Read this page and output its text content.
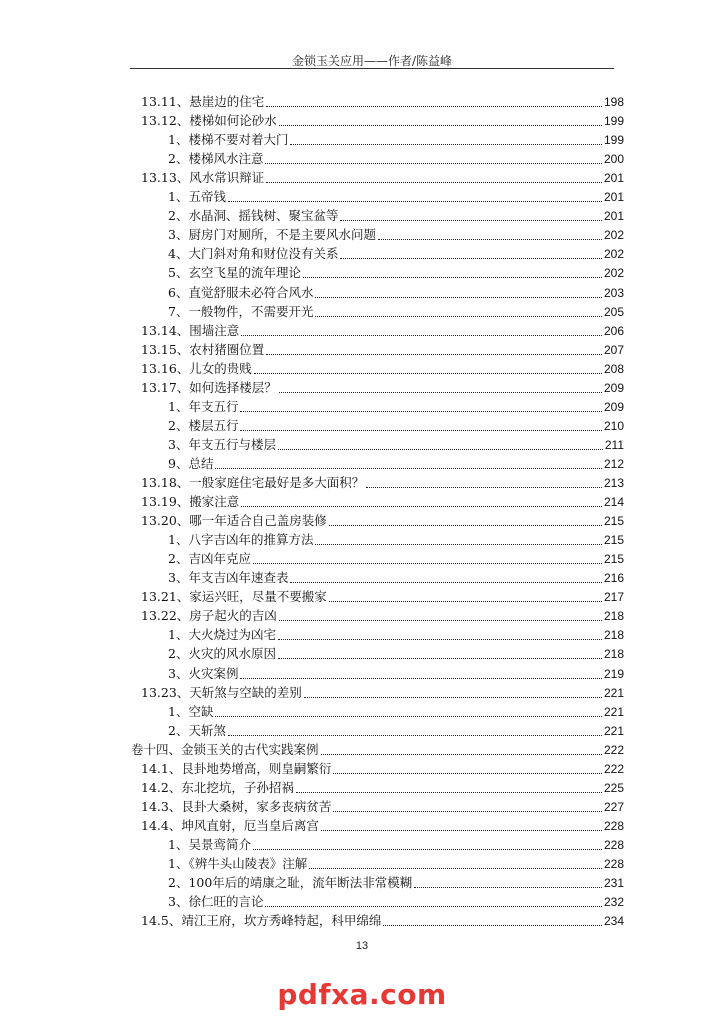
金锁玉关应用——作者/陈益峰
13.11、悬崖边的住宅	198
13.12、楼梯如何论砂水	199
1、楼梯不要对着大门	199
2、楼梯风水注意	200
13.13、风水常识辩证	201
1、五帝钱	201
2、水晶洞、摇钱树、聚宝盆等	201
3、厨房门对厕所，不是主要风水问题	202
4、大门斜对角和财位没有关系	202
5、玄空飞星的流年理论	202
6、直觉舒服未必符合风水	203
7、一般物件，不需要开光	205
13.14、围墙注意	206
13.15、农村猪圈位置	207
13.16、儿女的贵贱	208
13.17、如何选择楼层？	209
1、年支五行	209
2、楼层五行	210
3、年支五行与楼层	211
9、总结	212
13.18、一般家庭住宅最好是多大面积？	213
13.19、搬家注意	214
13.20、哪一年适合自己盖房装修	215
1、八字吉凶年的推算方法	215
2、吉凶年克应	215
3、年支吉凶年速查表	216
13.21、家运兴旺，尽量不要搬家	217
13.22、房子起火的吉凶	218
1、大火烧过为凶宅	218
2、火灾的风水原因	218
3、火灾案例	219
13.23、天斩煞与空缺的差别	221
1、空缺	221
2、天斩煞	221
卷十四、金锁玉关的古代实践案例	222
14.1、艮卦地势增高，则皇嗣繁衍	222
14.2、东北挖坑，子孙招祸	225
14.3、艮卦大桑树，家多丧病贫苦	227
14.4、坤风直射，厄当皇后离宫	228
1、吴景鸾简介	228
1、《辨牛头山陵表》注解	228
2、100年后的靖康之耻，流年断法非常模糊	231
3、徐仁旺的言论	232
14.5、靖江王府，坎方秀峰特起，科甲绵绵	234
13
pdfxa.com
